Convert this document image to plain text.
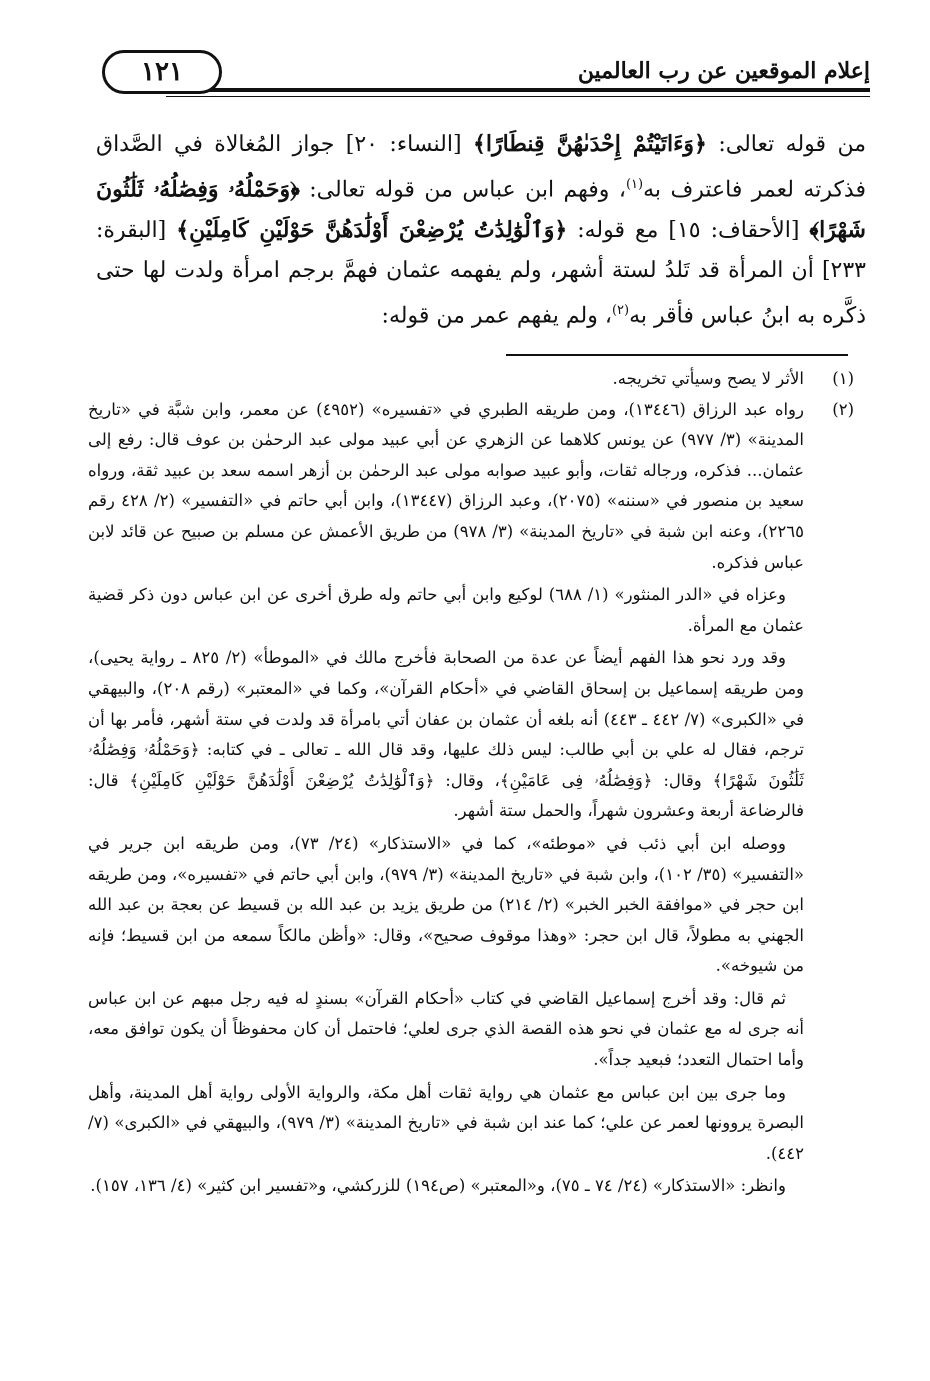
إعلام الموقعين عن رب العالمين
١٢١

من قوله تعالى: ﴿وَءَاتَيْتُمْ إِحْدَىٰهُنَّ قِنطَارًا﴾ [النساء: ٢٠] جواز المُغالاة في الصَّداق فذكرته لعمر فاعترف به$^{(١)}$، وفهم ابن عباس من قوله تعالى: ﴿وَحَمْلُهُۥ وَفِصَٰلُهُۥ ثَلَٰثُونَ شَهْرًا﴾ [الأحقاف: ١٥] مع قوله: ﴿وَٱلْوَٰلِدَٰتُ يُرْضِعْنَ أَوْلَٰدَهُنَّ حَوْلَيْنِ كَامِلَيْنِ﴾ [البقرة: ٢٣٣] أن المرأة قد تَلدُ لستة أشهر، ولم يفهمه عثمان فهمَّ برجم امرأة ولدت لها حتى ذكَّره به ابنُ عباس فأقر به$^{(٢)}$، ولم يفهم عمر من قوله:

(١)
الأثر لا يصح وسيأتي تخريجه.
(٢)
رواه عبد الرزاق (١٣٤٤٦)، ومن طريقه الطبري في «تفسيره» (٤٩٥٢) عن معمر، وابن شبَّة في «تاريخ المدينة» (٣/ ٩٧٧) عن يونس كلاهما عن الزهري عن أبي عبيد مولى عبد الرحمٰن بن عوف قال: رفع إلى عثمان... فذكره، ورجاله ثقات، وأبو عبيد صوابه مولى عبد الرحمٰن بن أزهر اسمه سعد بن عبيد ثقة، ورواه سعيد بن منصور في «سننه» (٢٠٧٥)، وعبد الرزاق (١٣٤٤٧)، وابن أبي حاتم في «التفسير» (٢/ ٤٢٨ رقم ٢٢٦٥)، وعنه ابن شبة في «تاريخ المدينة» (٣/ ٩٧٨) من طريق الأعمش عن مسلم بن صبيح عن قائد لابن عباس فذكره.
وعزاه في «الدر المنثور» (١/ ٦٨٨) لوكيع وابن أبي حاتم وله طرق أخرى عن ابن عباس دون ذكر قضية عثمان مع المرأة.
وقد ورد نحو هذا الفهم أيضاً عن عدة من الصحابة فأخرج مالك في «الموطأ» (٢/ ٨٢٥ ـ رواية يحيى)، ومن طريقه إسماعيل بن إسحاق القاضي في «أحكام القرآن»، وكما في «المعتبر» (رقم ٢٠٨)، والبيهقي في «الكبرى» (٧/ ٤٤٢ ـ ٤٤٣) أنه بلغه أن عثمان بن عفان أتي بامرأة قد ولدت في ستة أشهر، فأمر بها أن ترجم، فقال له علي بن أبي طالب: ليس ذلك عليها، وقد قال الله ـ تعالى ـ في كتابه: ﴿وَحَمْلُهُۥ وَفِصَٰلُهُۥ ثَلَٰثُونَ شَهْرًا﴾ وقال: ﴿وَفِصَٰلُهُۥ فِى عَامَيْنِ﴾، وقال: ﴿وَٱلْوَٰلِدَٰتُ يُرْضِعْنَ أَوْلَٰدَهُنَّ حَوْلَيْنِ كَامِلَيْنِ﴾ قال: فالرضاعة أربعة وعشرون شهراً، والحمل ستة أشهر.
ووصله ابن أبي ذئب في «موطئه»، كما في «الاستذكار» (٢٤/ ٧٣)، ومن طريقه ابن جرير في «التفسير» (٣٥/ ١٠٢)، وابن شبة في «تاريخ المدينة» (٣/ ٩٧٩)، وابن أبي حاتم في «تفسيره»، ومن طريقه ابن حجر في «موافقة الخبر الخبر» (٢/ ٢١٤) من طريق يزيد بن عبد الله بن قسيط عن بعجة بن عبد الله الجهني به مطولاً، قال ابن حجر: «وهذا موقوف صحيح»، وقال: «وأظن مالكاً سمعه من ابن قسيط؛ فإنه من شيوخه».
ثم قال: وقد أخرج إسماعيل القاضي في كتاب «أحكام القرآن» بسندٍ له فيه رجل مبهم عن ابن عباس أنه جرى له مع عثمان في نحو هذه القصة الذي جرى لعلي؛ فاحتمل أن كان محفوظاً أن يكون توافق معه، وأما احتمال التعدد؛ فبعيد جداً».
وما جرى بين ابن عباس مع عثمان هي رواية ثقات أهل مكة، والرواية الأولى رواية أهل المدينة، وأهل البصرة يروونها لعمر عن علي؛ كما عند ابن شبة في «تاريخ المدينة» (٣/ ٩٧٩)، والبيهقي في «الكبرى» (٧/ ٤٤٢).
وانظر: «الاستذكار» (٢٤/ ٧٤ ـ ٧٥)، و«المعتبر» (ص١٩٤) للزركشي، و«تفسير ابن كثير» (٤/ ١٣٦، ١٥٧).
